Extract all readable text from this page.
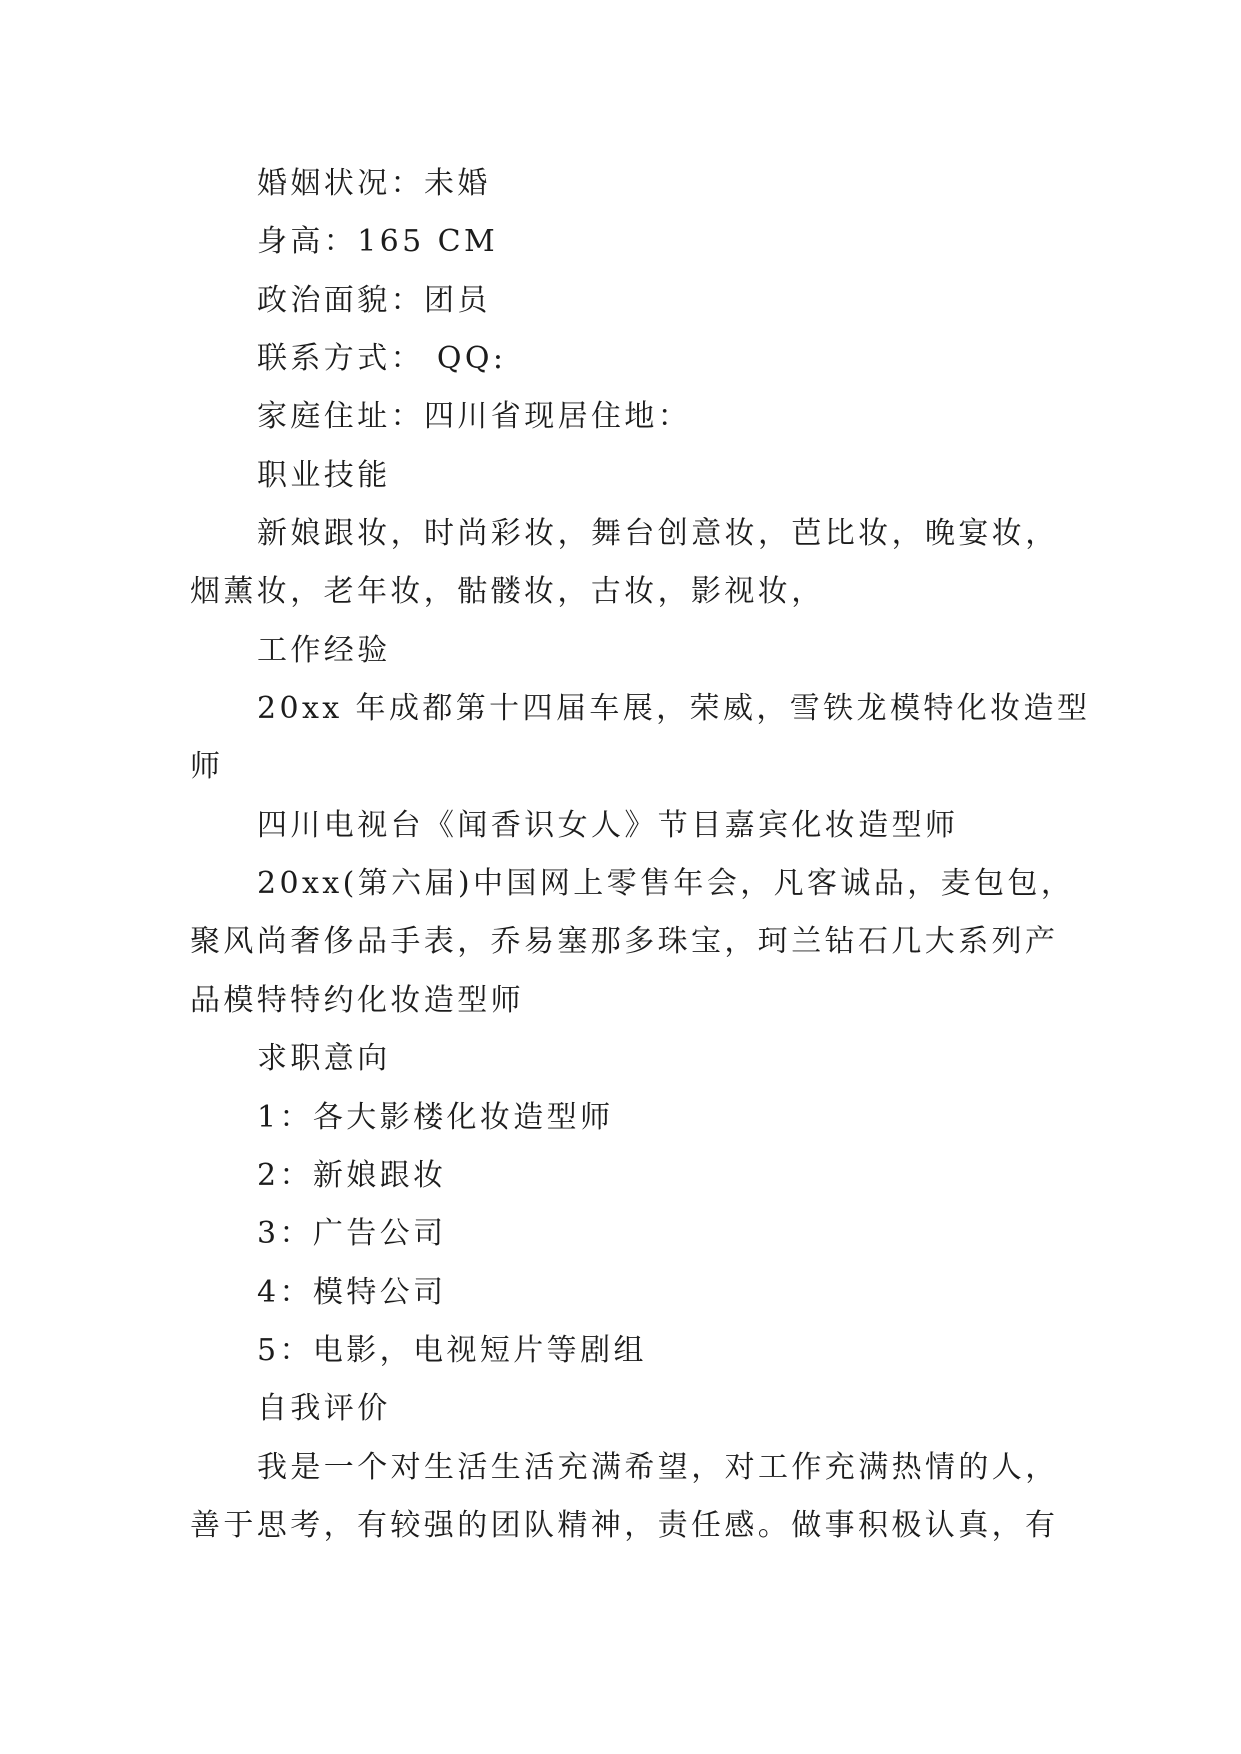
婚姻状况：未婚
身高：165 CM
政治面貌：团员
联系方式： QQ:
家庭住址：四川省现居住地：
职业技能
新娘跟妆，时尚彩妆，舞台创意妆，芭比妆，晚宴妆，
烟薰妆，老年妆，骷髅妆，古妆，影视妆，
工作经验
20xx 年成都第十四届车展，荣威，雪铁龙模特化妆造型
师
四川电视台《闻香识女人》节目嘉宾化妆造型师
20xx(第六届)中国网上零售年会，凡客诚品，麦包包，
聚风尚奢侈品手表，乔易塞那多珠宝，珂兰钻石几大系列产
品模特特约化妆造型师
求职意向
1：各大影楼化妆造型师
2：新娘跟妆
3：广告公司
4：模特公司
5：电影，电视短片等剧组
自我评价
我是一个对生活生活充满希望，对工作充满热情的人，
善于思考，有较强的团队精神，责任感。做事积极认真，有
